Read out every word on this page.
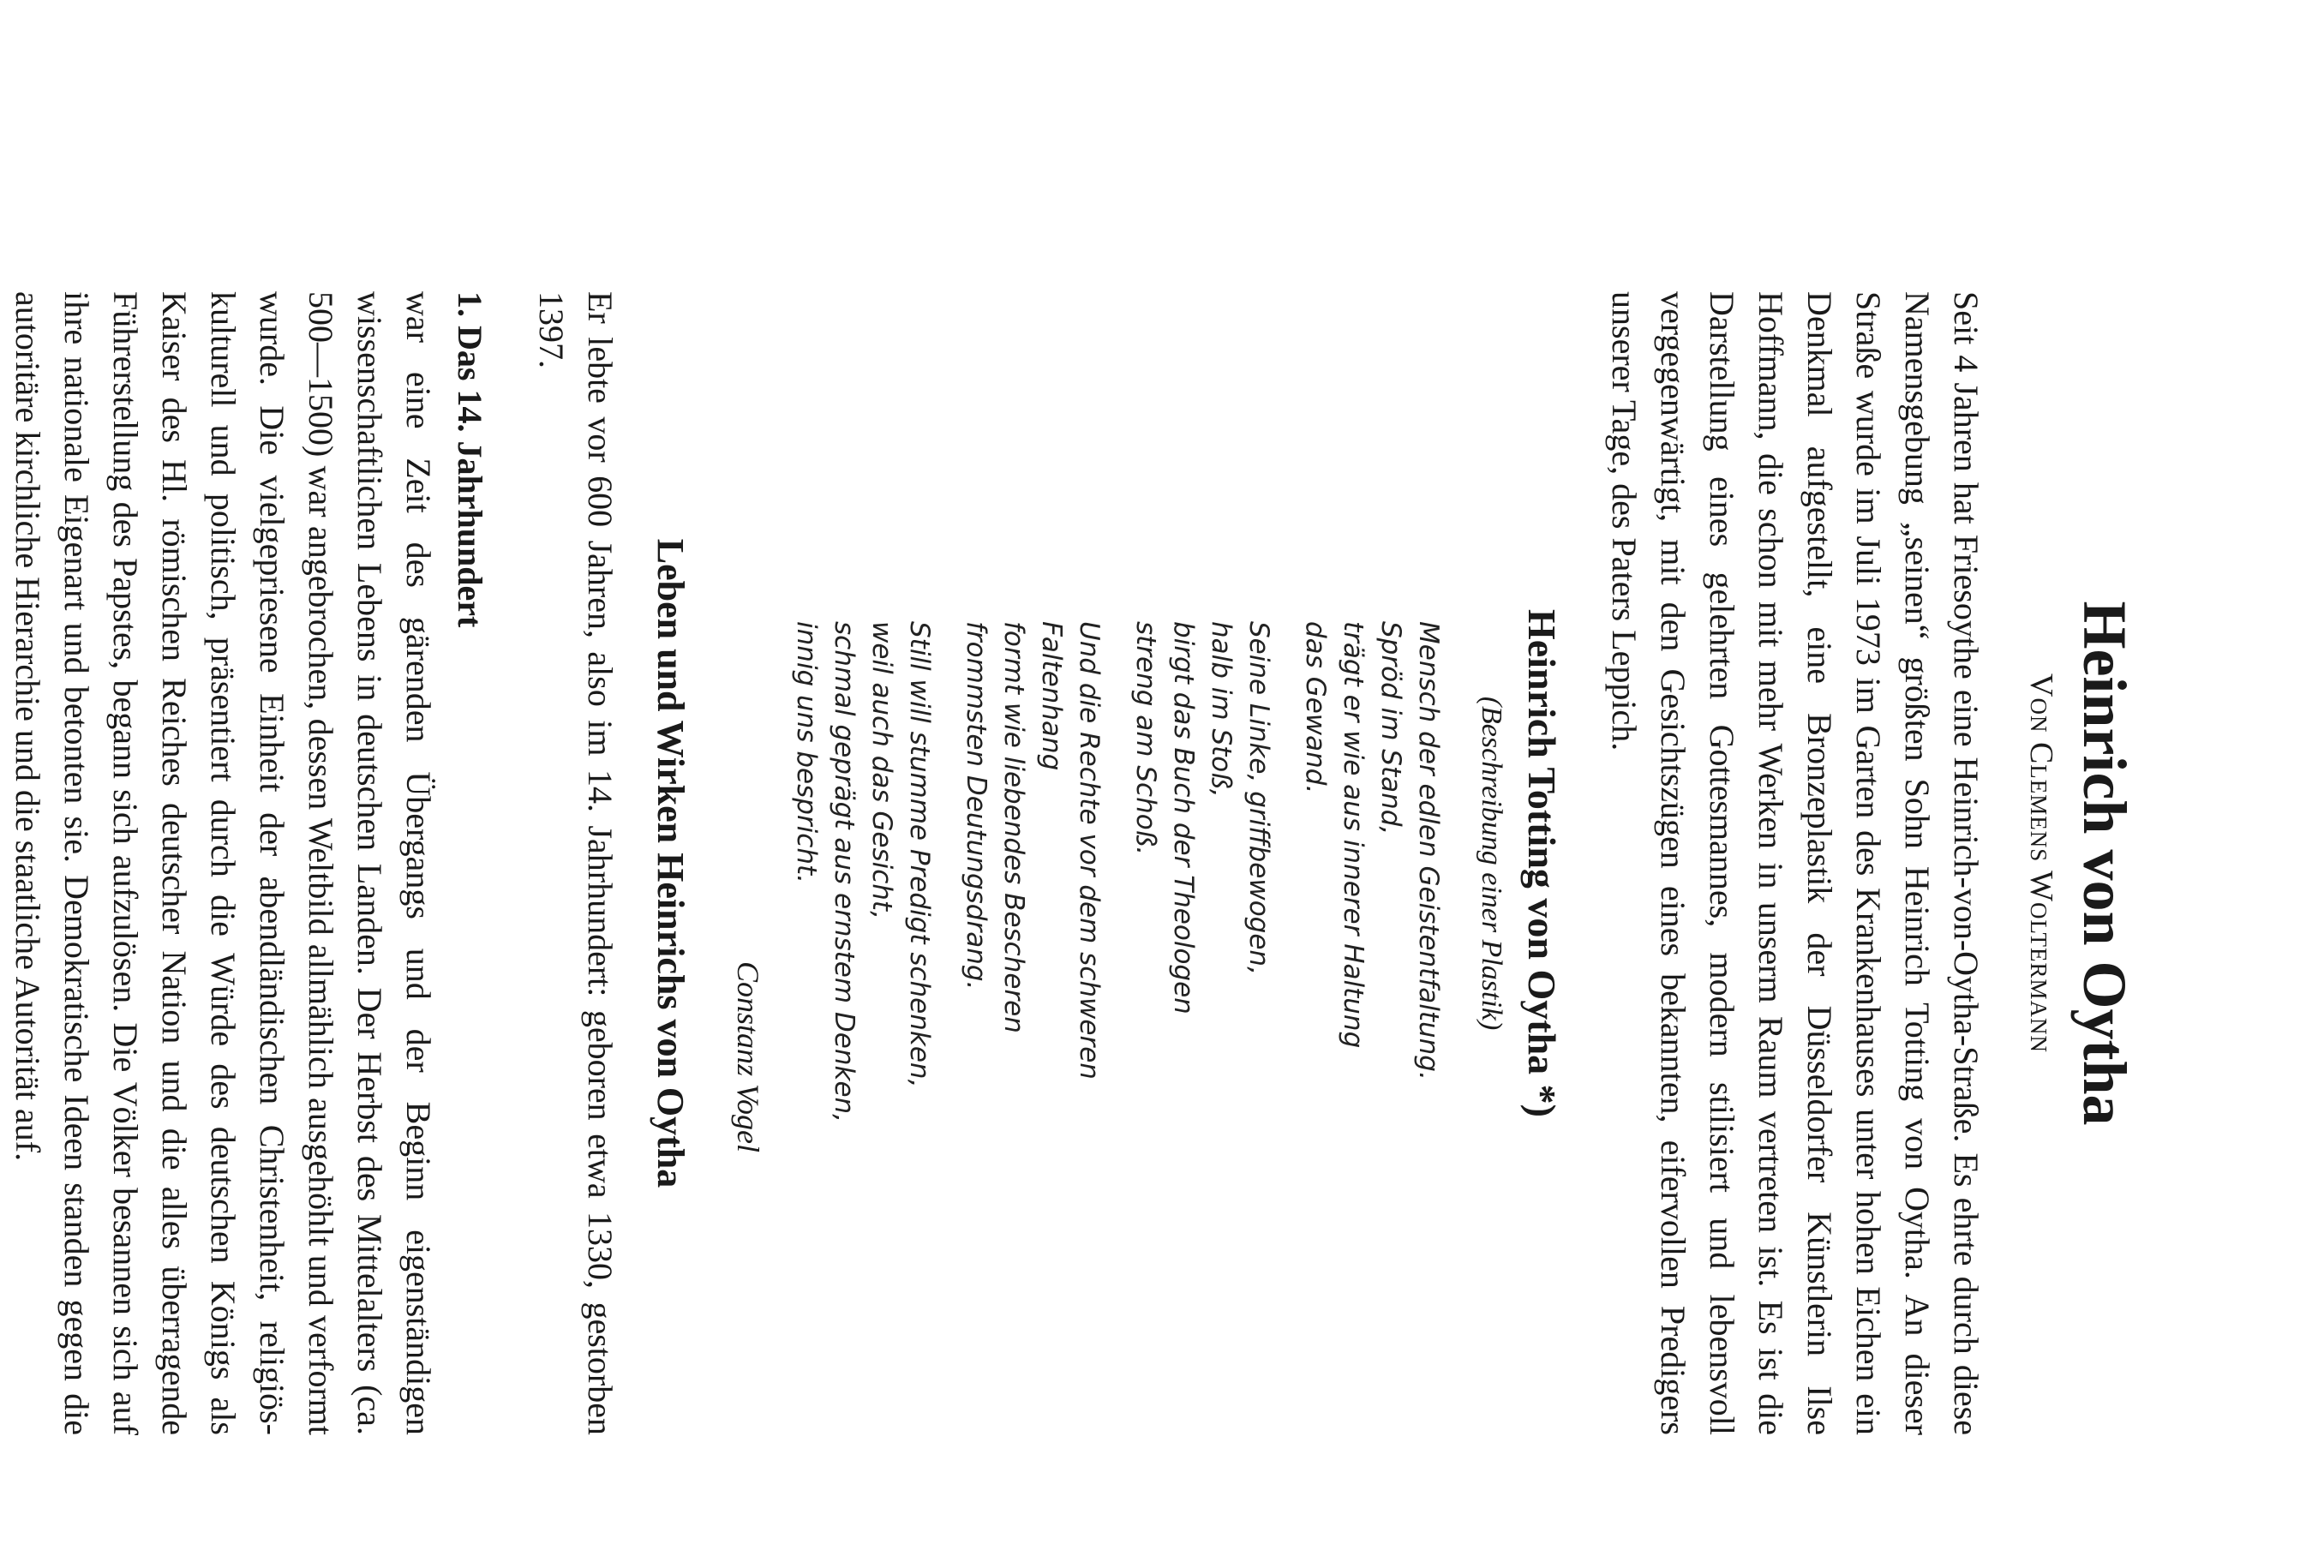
Heinrich von Oytha
Von Clemens Woltermann

Seit 4 Jahren hat Friesoythe eine Heinrich-von-Oytha-Straße. Es ehrte durch diese Namensgebung „seinen“ größten Sohn Heinrich Totting von Oytha. An dieser Straße wurde im Juli 1973 im Garten des Krankenhauses unter hohen Eichen ein Denkmal aufgestellt, eine Bronzeplastik der Düsseldorfer Künstlerin Ilse Hoffmann, die schon mit mehr Werken in unserm Raum vertreten ist. Es ist die Darstellung eines gelehrten Gottesmannes, modern stilisiert und lebensvoll vergegenwärtigt, mit den Gesichtszügen eines bekannten, eifervollen Predigers unserer Tage, des Paters Leppich.

Heinrich Totting von Oytha *)
(Beschreibung einer Plastik)
Mensch der edlen Geistentfaltung.
Spröd im Stand,
trägt er wie aus innerer Haltung
das Gewand.
Seine Linke, griffbewogen,
halb im Stoß,
birgt das Buch der Theologen
streng am Schoß.
Und die Rechte vor dem schweren
Faltenhang
formt wie liebendes Bescheren
frommsten Deutungsdrang.
Still will stumme Predigt schenken,
weil auch das Gesicht,
schmal geprägt aus ernstem Denken,
innig uns bespricht.
Constanz Vogel
Leben und Wirken Heinrichs von Oytha

Er lebte vor 600 Jahren, also im 14. Jahrhundert: geboren etwa 1330, gestorben 1397.

1. Das 14. Jahrhundert

war eine Zeit des gärenden Übergangs und der Beginn eigenständigen wissenschaftlichen Lebens in deutschen Landen. Der Herbst des Mittelalters (ca. 500—1500) war angebrochen, dessen Weltbild allmählich ausgehöhlt und verformt wurde. Die vielgepriesene Einheit der abendländischen Christenheit, religiös-kulturell und politisch, präsentiert durch die Würde des deutschen Königs als Kaiser des Hl. römischen Reiches deutscher Nation und die alles überragende Führerstellung des Papstes, begann sich aufzulösen. Die Völker besannen sich auf ihre nationale Eigenart und betonten sie. Demokratische Ideen standen gegen die autoritäre kirchliche Hierarchie und die staatliche Autorität auf.
